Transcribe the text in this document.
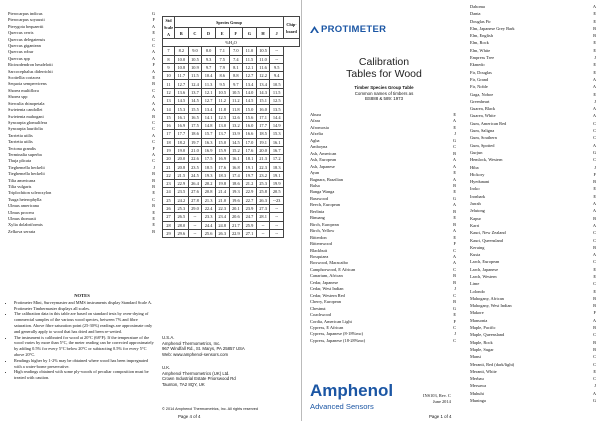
Pterocarpus indicus	G
Pterocarpus soyauxii	F
Pterygota bequaertii	A
Quercus cerris	E
Quercus delegatensis	C
Quercus gigantean	C
Quercus robur	A
Quercus spp	A
Ricinodendron heudelotii	F
Sarcocephalus diderrichii	A
Scottellia coriacea	E
Sequoia sempervirens	B
Shorea multiflora	C
Shorea spp	A
Sterculia rhinopetala	A
Swietenia candollei	A
Swietenia mahogani	B
Syncarpia glomulifera	C
Syncarpia laurifolia	C
Tarrietia utilis	A
Tarrietia utilis	C
Tectona grandis	F
Terminalia superba	A
Thuja plicata	C
Tieghemella heckelii	J
Tieghemella heckelii	B
Tilia americana	B
Tilia vulgaris	B
Triplochiton scleroxylon	E
Tsuga heterophylla	C
Ulmus americana	B
Ulmus procera	E
Ulmus thomasii	E
Xylia dolabriformis	E
Zelkova serrata	B
Std Scale
A	Species Group								Chip-board
	B	C	D	E	F	G	H	J	
%H₂O									
7	8.2	9.0	8.0	7.1	7.0	11.0	10.5	--	
8	10.0	10.5	9.3	7.5	7.4	11.5	11.0	--	
9	10.8	10.9	9.7	7.9	8.1	12.1	11.6	9.5	
10	11.7	11.5	10.4	8.6	8.8	12.7	12.2	9.4	
11	12.7	12.4	11.3	9.5	9.7	13.4	13.4	10.5	
12	13.6	13.7	12.1	10.5	10.5	14.0	14.3	11.5	
13	14.5	14.5	12.7	11.2	11.2	14.5	15.1	12.5	
14	15.3	15.5	13.4	11.8	11.8	15.0	16.0	13.5	
15	16.1	16.5	14.1	12.5	12.6	15.6	17.1	14.4	
16	16.9	17.5	14.8	13.0	13.2	16.0	17.7	14.9	
17	17.7	18.6	15.7	13.7	13.9	16.6	18.5	15.3	
18	18.2	19.7	16.3	15.0	14.5	17.0	19.1	16.1	
19	19.0	21.0	16.9	15.9	15.2	17.6	20.0	16.7	
20	20.0	22.6	17.5	16.9	16.1	18.1	21.3	17.2	
21	20.8	23.5	18.5	17.6	16.8	19.1	22.3	18.3	
22	21.5	24.5	19.3	18.3	17.4	19.7	23.2	19.1	
23	22.9	26.4	20.2	19.8	18.6	21.2	25.3	19.9	
24	23.5	27.6	20.8	21.4	19.3	22.9	25.8	20.5	
25	24.2	27.8	21.3	21.0	19.6	22.7	26.3	--23	
26	25.3	29.0	22.4	22.3	20.1	23.9	27.3	--	
27	26.5	--	23.3	23.4	20.6	24.7	28.1	--	
28	28.0	--	24.4	24.8	21.7	25.9	--	--	
29	29.6	--	25.6	26.3	22.9	27.1	--	--	
NOTES
• Protimeter Mini, Surveymaster and MMS instruments display Standard Scale A. Protimeter Timbermaster displays all scales.
• The calibration data in this table are based on standard tests by oven-drying of commercial samples of the various wood species, between 7% and fibre saturation. Above fibre saturation point (25-30%) readings are approximate only and generally apply to wood that has dried and been re-wetted.
• The instrument is calibrated for wood at 20°C (68°F). If the temperature of the wood varies by more than 5°C, the meter reading can be corrected approximately by adding 0.5% for every 5°C below 20°C or subtracting 0.5% for every 5°C above 20°C.
• Readings higher by 1-2% may be obtained where wood has been impregnated with a water-borne preservative.
• High readings obtained with some ply-woods of peculiar composition must be treated with caution.
U.S.A.
Amphenol Thermometrics, Inc.
967 Windfall Rd., St. Marys, PA 25857 USA
Web: www.amphenol-sensors.com
U.K.
Amphenol Thermometrics (UK) Ltd.
Crown Industrial Estate Priorswood Rd
Taunton, TA2 8QY, UK
© 2014 Amphenol Thermometrics, Inc. All rights reserved
Page 4 of 4
PROTIMETER
Calibration
Tables for Wood
Timber Species Group Table
Common names of timbers as
BS888 & 589: 1973
Abura	E
Afara	A
Afromosia	E
Afzelia	J
Agba	G
Amboyna	C
Ash, American	B
Ash, European	A
Ash, Japanese	A
Ayan	E
Bagnara, Brazilian	A
Balsa	B
Banga Wanga	E
Basswood	G
Beech, European	A
Berlinia	B
Binuang	E
Birch, European	B
Birch, Yellow	A
Bitterdon	E
Bitternwood	F
Blackbutt	C
Bosquiaea	A
Boxwood, Maracaibo	A
Camphorwood, E African	C
Canarium, African	B
Cedar, Japanese	B
Cedar, West Indian	J
Cedar, Western Red	C
Cherry, European	B
Chestnut	G
Coachwood	E
Cordia, American Light	F
Cypress, E African	C
Cypress, Japanese (8-18%mc)	J
Cypress, Japanese (18-28%mc)	C
Dahoma	A
Danta	E
Douglas Fir	E
Elm, Japanese Grey Bark	B
Elm, English	B
Elm, Rock	E
Elm, White	E
Empress Tree	J
Ekmedo	E
Fir, Douglas	E
Fir, Grand	A
Fir, Noble	A
Gaga, Noboe	E
Greenheart	J
Guarea, Black	A
Guarea, White	A
Gum, American Red	C
Gum, Saligna	C
Gum, Southern	C
Gum, Spotted	A
Gurjun	G
Hemlock, Western	C
Hiba	J
Hickory	F
Hyedunani	B
Iroko	E
Ironbark	E
Jarrah	A
Jelutong	A
Kapur	B
Karri	A
Kauri, New Zealand	C
Kauri, Queensland	C
Keruing	B
Kusia	A
Larch, European	C
Larch, Japanese	E
Larch, Western	E
Lime	C
Lolondo	E
Mahogany, African	B
Mahogany, West Indian	B
Makore	F
Mansonia	A
Maple, Pacific	B
Maple, Queensland	C
Maple, Rock	B
Maple, Sugar	B
Mansi	C
Meranti, Red (dark/light)	C
Meranti, White	E
Merbau	C
Mersawa	J
Muhuhi	A
Muninga	G
Amphenol
Advanced Sensors
INS103, Rev. C
June 2014
Page 1 of 4
